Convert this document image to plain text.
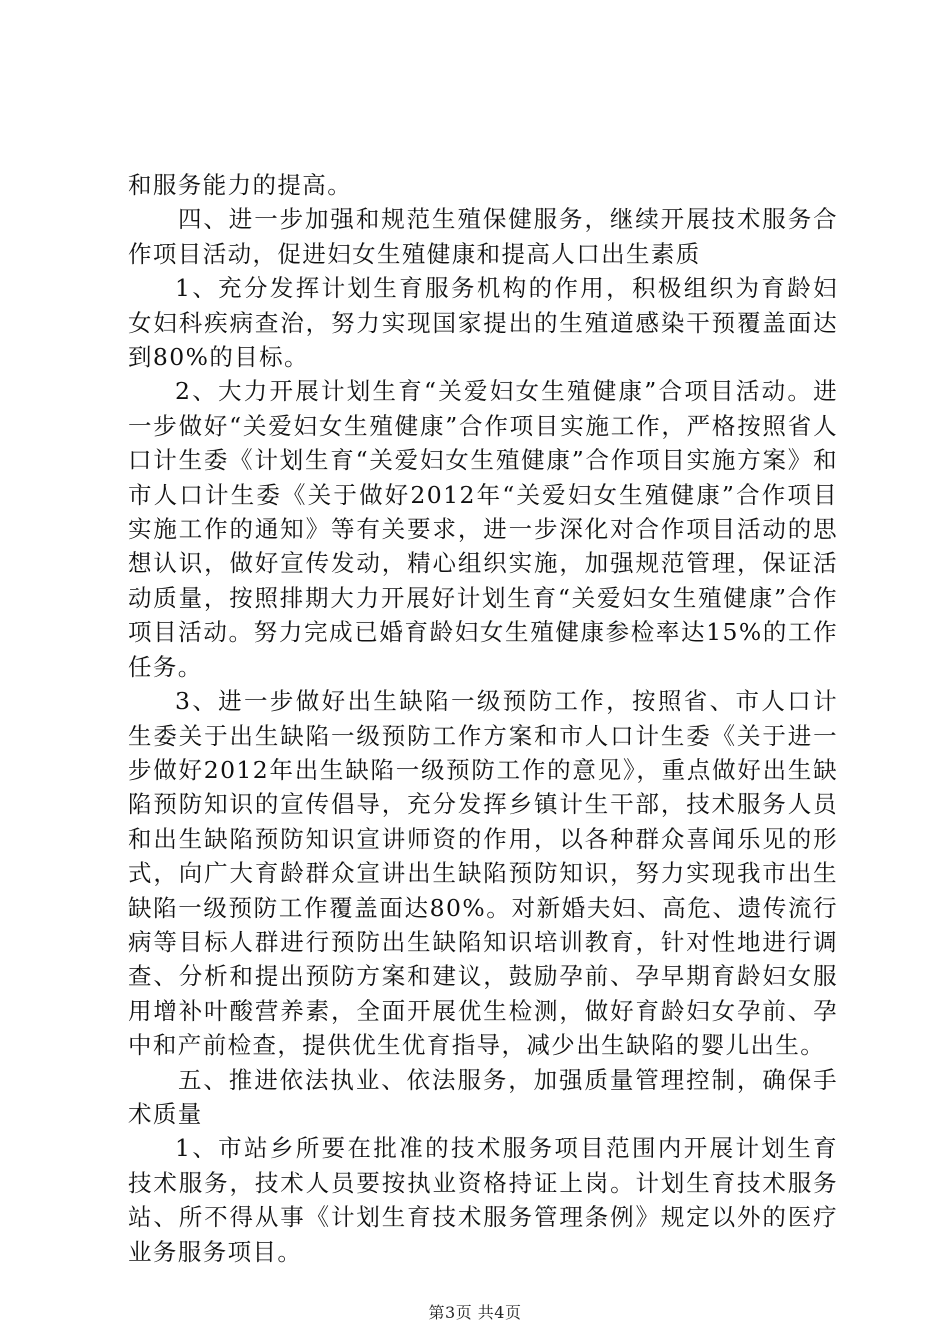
和服务能力的提高。

四、进一步加强和规范生殖保健服务，继续开展技术服务合作项目活动，促进妇女生殖健康和提高人口出生素质

1、充分发挥计划生育服务机构的作用，积极组织为育龄妇女妇科疾病查治，努力实现国家提出的生殖道感染干预覆盖面达到80%的目标。

2、大力开展计划生育“关爱妇女生殖健康”合项目活动。进一步做好“关爱妇女生殖健康”合作项目实施工作，严格按照省人口计生委《计划生育“关爱妇女生殖健康”合作项目实施方案》和市人口计生委《关于做好2012年“关爱妇女生殖健康”合作项目实施工作的通知》等有关要求，进一步深化对合作项目活动的思想认识，做好宣传发动，精心组织实施，加强规范管理，保证活动质量，按照排期大力开展好计划生育“关爱妇女生殖健康”合作项目活动。努力完成已婚育龄妇女生殖健康参检率达15%的工作任务。

3、进一步做好出生缺陷一级预防工作，按照省、市人口计生委关于出生缺陷一级预防工作方案和市人口计生委《关于进一步做好2012年出生缺陷一级预防工作的意见》，重点做好出生缺陷预防知识的宣传倡导，充分发挥乡镇计生干部，技术服务人员和出生缺陷预防知识宣讲师资的作用，以各种群众喜闻乐见的形式，向广大育龄群众宣讲出生缺陷预防知识，努力实现我市出生缺陷一级预防工作覆盖面达80%。对新婚夫妇、高危、遗传流行病等目标人群进行预防出生缺陷知识培训教育，针对性地进行调查、分析和提出预防方案和建议，鼓励孕前、孕早期育龄妇女服用增补叶酸营养素，全面开展优生检测，做好育龄妇女孕前、孕中和产前检查，提供优生优育指导，减少出生缺陷的婴儿出生。

五、推进依法执业、依法服务，加强质量管理控制，确保手术质量

1、市站乡所要在批准的技术服务项目范围内开展计划生育技术服务，技术人员要按执业资格持证上岗。计划生育技术服务站、所不得从事《计划生育技术服务管理条例》规定以外的医疗业务服务项目。

第3页 共4页
